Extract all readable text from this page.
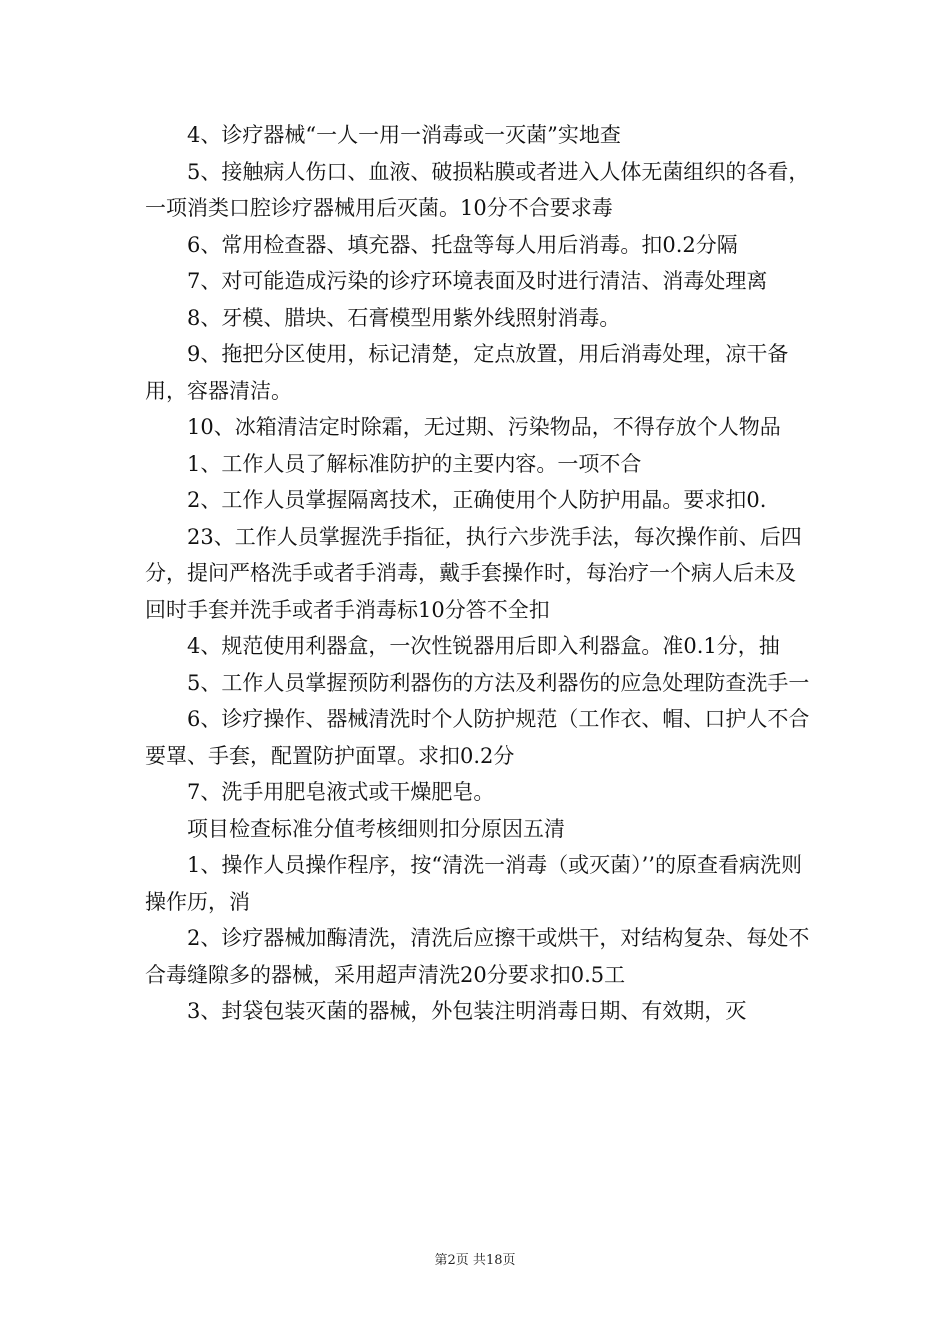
4、诊疗器械“一人一用一消毒或一灭菌”实地查

5、接触病人伤口、血液、破损粘膜或者进入人体无菌组织的各看，一项消类口腔诊疗器械用后灭菌。10分不合要求毒

6、常用检查器、填充器、托盘等每人用后消毒。扣0.2分隔

7、对可能造成污染的诊疗环境表面及时进行清洁、消毒处理离

8、牙模、腊块、石膏模型用紫外线照射消毒。

9、拖把分区使用，标记清楚，定点放置，用后消毒处理，凉干备用，容器清洁。

10、冰箱清洁定时除霜，无过期、污染物品，不得存放个人物品

1、工作人员了解标准防护的主要内容。一项不合

2、工作人员掌握隔离技术，正确使用个人防护用晶。要求扣0.

23、工作人员掌握洗手指征，执行六步洗手法，每次操作前、后四分，提问严格洗手或者手消毒，戴手套操作时，每治疗一个病人后未及回时手套并洗手或者手消毒标10分答不全扣

4、规范使用利器盒，一次性锐器用后即入利器盒。准0.1分，抽

5、工作人员掌握预防利器伤的方法及利器伤的应急处理防查洗手一

6、诊疗操作、器械清洗时个人防护规范（工作衣、帽、口护人不合要罩、手套，配置防护面罩。求扣0.2分

7、洗手用肥皂液式或干燥肥皂。

项目检查标准分值考核细则扣分原因五清

1、操作人员操作程序，按“清洗一消毒（或灭菌）’’的原查看病洗则操作历，消

2、诊疗器械加酶清洗，清洗后应擦干或烘干，对结构复杂、每处不合毒缝隙多的器械，采用超声清洗20分要求扣0.5工

3、封袋包装灭菌的器械，外包装注明消毒日期、有效期，灭

第2页 共18页
